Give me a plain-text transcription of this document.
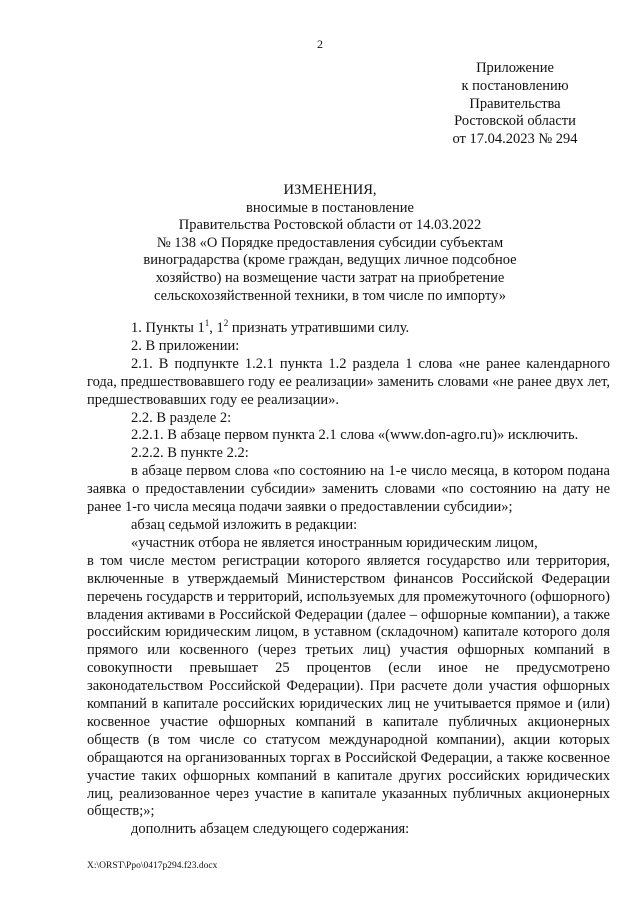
2
Приложение
к постановлению
Правительства
Ростовской области
от 17.04.2023 № 294
ИЗМЕНЕНИЯ,
вносимые в постановление
Правительства Ростовской области от 14.03.2022
№ 138 «О Порядке предоставления субсидии субъектам
виноградарства (кроме граждан, ведущих личное подсобное
хозяйство) на возмещение части затрат на приобретение
сельскохозяйственной техники, в том числе по импорту»

1. Пункты $1^1$, $1^2$ признать утратившими силу.

2. В приложении:

2.1. В подпункте 1.2.1 пункта 1.2 раздела 1 слова «не ранее календарного года, предшествовавшего году ее реализации» заменить словами «не ранее двух лет, предшествовавших году ее реализации».

2.2. В разделе 2:

2.2.1. В абзаце первом пункта 2.1 слова «(www.don-agro.ru)» исключить.

2.2.2. В пункте 2.2:

в абзаце первом слова «по состоянию на 1-е число месяца, в котором подана заявка о предоставлении субсидии» заменить словами «по состоянию на дату не ранее 1-го числа месяца подачи заявки о предоставлении субсидии»;

абзац седьмой изложить в редакции:

«участник отбора не является иностранным юридическим лицом,

в том числе местом регистрации которого является государство или территория, включенные в утверждаемый Министерством финансов Российской Федерации перечень государств и территорий, используемых для промежуточного (офшорного) владения активами в Российской Федерации (далее – офшорные компании), а также российским юридическим лицом, в уставном (складочном) капитале которого доля прямого или косвенного (через третьих лиц) участия офшорных компаний в совокупности превышает 25 процентов (если иное не предусмотрено законодательством Российской Федерации). При расчете доли участия офшорных компаний в капитале российских юридических лиц не учитывается прямое и (или) косвенное участие офшорных компаний в капитале публичных акционерных обществ (в том числе со статусом международной компании), акции которых обращаются на организованных торгах в Российской Федерации, а также косвенное участие таких офшорных компаний в капитале других российских юридических лиц, реализованное через участие в капитале указанных публичных акционерных обществ;»;

дополнить абзацем следующего содержания:

X:\ORST\Ppo\0417p294.f23.docx
